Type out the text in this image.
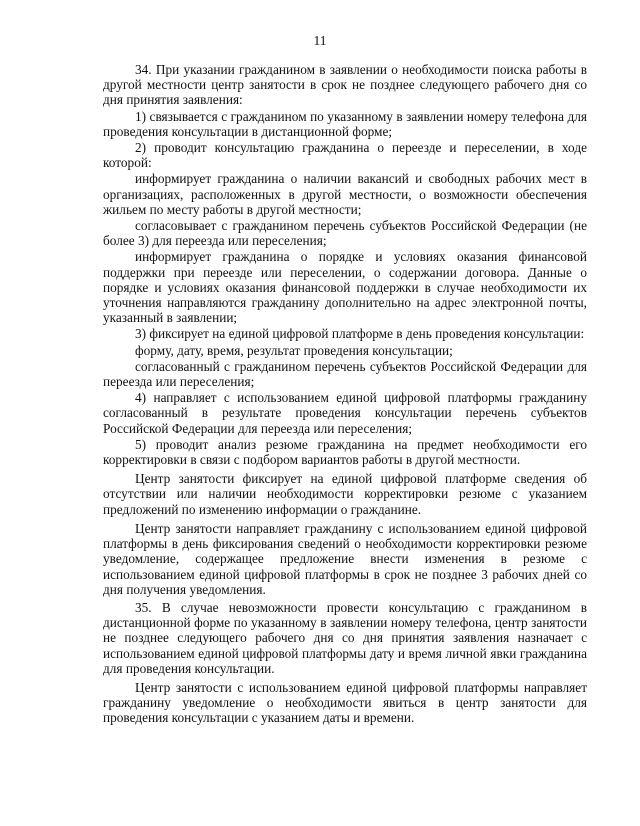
11

34. При указании гражданином в заявлении о необходимости поиска работы в другой местности центр занятости в срок не позднее следующего рабочего дня со дня принятия заявления:

1) связывается с гражданином по указанному в заявлении номеру телефона для проведения консультации в дистанционной форме;

2) проводит консультацию гражданина о переезде и переселении, в ходе которой:

информирует гражданина о наличии вакансий и свободных рабочих мест в организациях, расположенных в другой местности, о возможности обеспечения жильем по месту работы в другой местности;

согласовывает с гражданином перечень субъектов Российской Федерации (не более 3) для переезда или переселения;

информирует гражданина о порядке и условиях оказания финансовой поддержки при переезде или переселении, о содержании договора. Данные о порядке и условиях оказания финансовой поддержки в случае необходимости их уточнения направляются гражданину дополнительно на адрес электронной почты, указанный в заявлении;

3) фиксирует на единой цифровой платформе в день проведения консультации:

форму, дату, время, результат проведения консультации;

согласованный с гражданином перечень субъектов Российской Федерации для переезда или переселения;

4) направляет с использованием единой цифровой платформы гражданину согласованный в результате проведения консультации перечень субъектов Российской Федерации для переезда или переселения;

5) проводит анализ резюме гражданина на предмет необходимости его корректировки в связи с подбором вариантов работы в другой местности.

Центр занятости фиксирует на единой цифровой платформе сведения об отсутствии или наличии необходимости корректировки резюме с указанием предложений по изменению информации о гражданине.

Центр занятости направляет гражданину с использованием единой цифровой платформы в день фиксирования сведений о необходимости корректировки резюме уведомление, содержащее предложение внести изменения в резюме с использованием единой цифровой платформы в срок не позднее 3 рабочих дней со дня получения уведомления.

35. В случае невозможности провести консультацию с гражданином в дистанционной форме по указанному в заявлении номеру телефона, центр занятости не позднее следующего рабочего дня со дня принятия заявления назначает с использованием единой цифровой платформы дату и время личной явки гражданина для проведения консультации.

Центр занятости с использованием единой цифровой платформы направляет гражданину уведомление о необходимости явиться в центр занятости для проведения консультации с указанием даты и времени.
